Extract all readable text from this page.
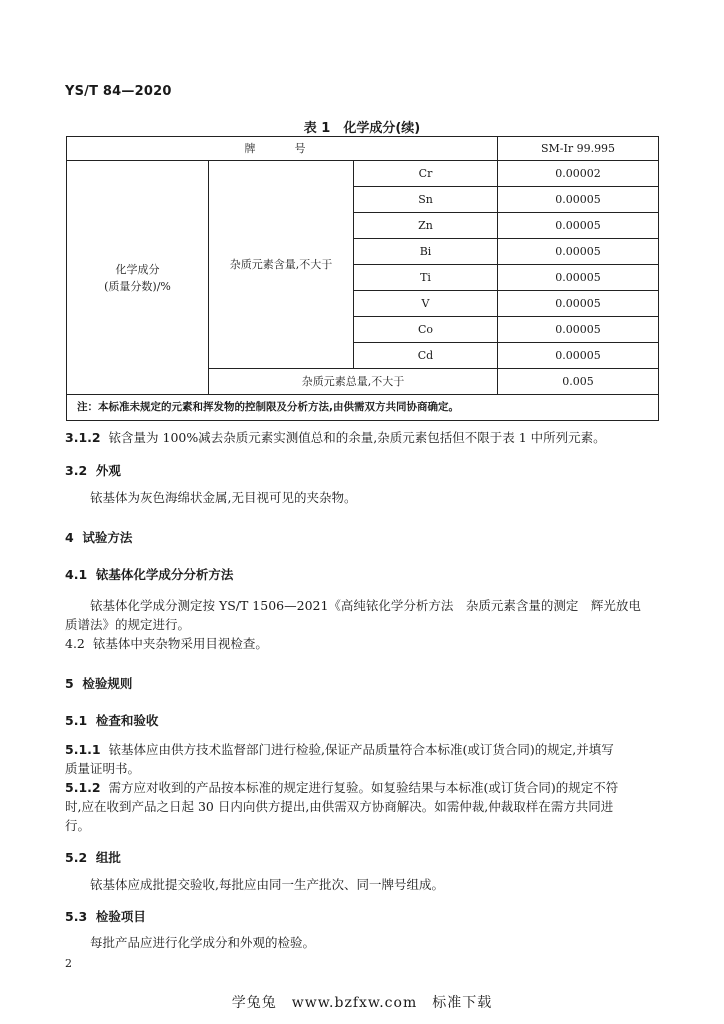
YS/T 84—2020
表 1　化学成分(续)
牌　号			SM-Ir 99.995

化学成分
(质量分数)/%	杂质元素含量,不大于	Cr	0.00002
		Sn	0.00005
		Zn	0.00005
		Bi	0.00005
		Ti	0.00005
		V	0.00005
		Co	0.00005
		Cd	0.00005
	杂质元素总量,不大于		0.005
注：本标准未规定的元素和挥发物的控制限及分析方法,由供需双方共同协商确定。			
3.1.2 铱含量为 100%减去杂质元素实测值总和的余量,杂质元素包括但不限于表 1 中所列元素。
3.2 外观
铱基体为灰色海绵状金属,无目视可见的夹杂物。
4 试验方法
4.1 铱基体化学成分分析方法
铱基体化学成分测定按 YS/T 1506—2021《高纯铱化学分析方法　杂质元素含量的测定　辉光放电
质谱法》的规定进行。
4.2 铱基体中夹杂物采用目视检查。
5 检验规则
5.1 检查和验收
5.1.1 铱基体应由供方技术监督部门进行检验,保证产品质量符合本标准(或订货合同)的规定,并填写
质量证明书。
5.1.2 需方应对收到的产品按本标准的规定进行复验。如复验结果与本标准(或订货合同)的规定不符
时,应在收到产品之日起 30 日内向供方提出,由供需双方协商解决。如需仲裁,仲裁取样在需方共同进
行。
5.2 组批
铱基体应成批提交验收,每批应由同一生产批次、同一牌号组成。
5.3 检验项目
每批产品应进行化学成分和外观的检验。
2
学兔兔　www.bzfxw.com　标准下载
